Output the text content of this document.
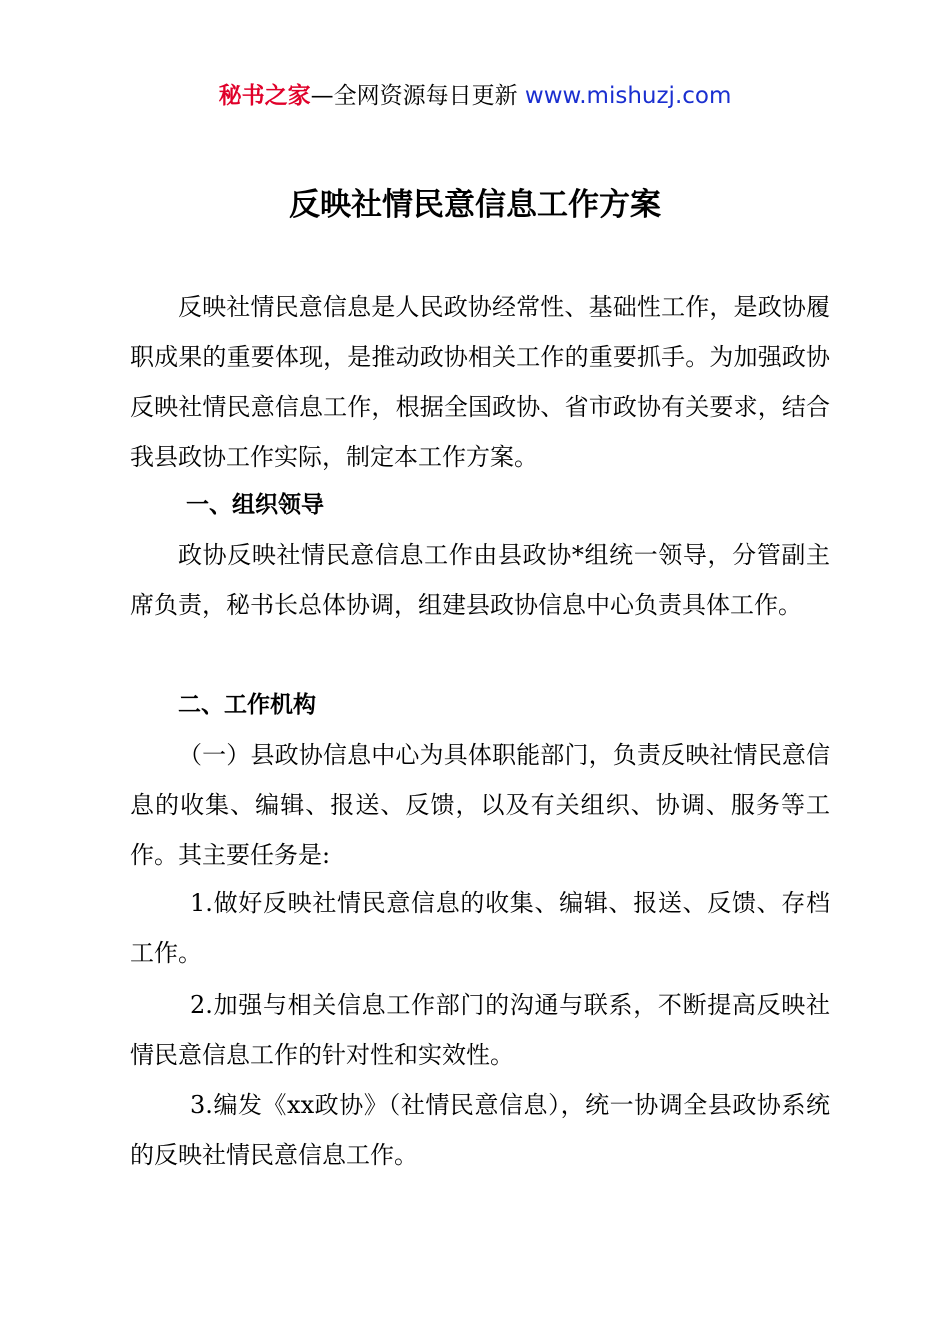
秘书之家—全网资源每日更新 www.mishuzj.com
反映社情民意信息工作方案

反映社情民意信息是人民政协经常性、基础性工作，是政协履职成果的重要体现，是推动政协相关工作的重要抓手。为加强政协反映社情民意信息工作，根据全国政协、省市政协有关要求，结合我县政协工作实际，制定本工作方案。

一、组织领导

政协反映社情民意信息工作由县政协*组统一领导，分管副主席负责，秘书长总体协调，组建县政协信息中心负责具体工作。

二、工作机构

（一）县政协信息中心为具体职能部门，负责反映社情民意信息的收集、编辑、报送、反馈，以及有关组织、协调、服务等工作。其主要任务是:

1.做好反映社情民意信息的收集、编辑、报送、反馈、存档工作。

2.加强与相关信息工作部门的沟通与联系，不断提高反映社情民意信息工作的针对性和实效性。

3.编发《xx政协》（社情民意信息），统一协调全县政协系统的反映社情民意信息工作。
